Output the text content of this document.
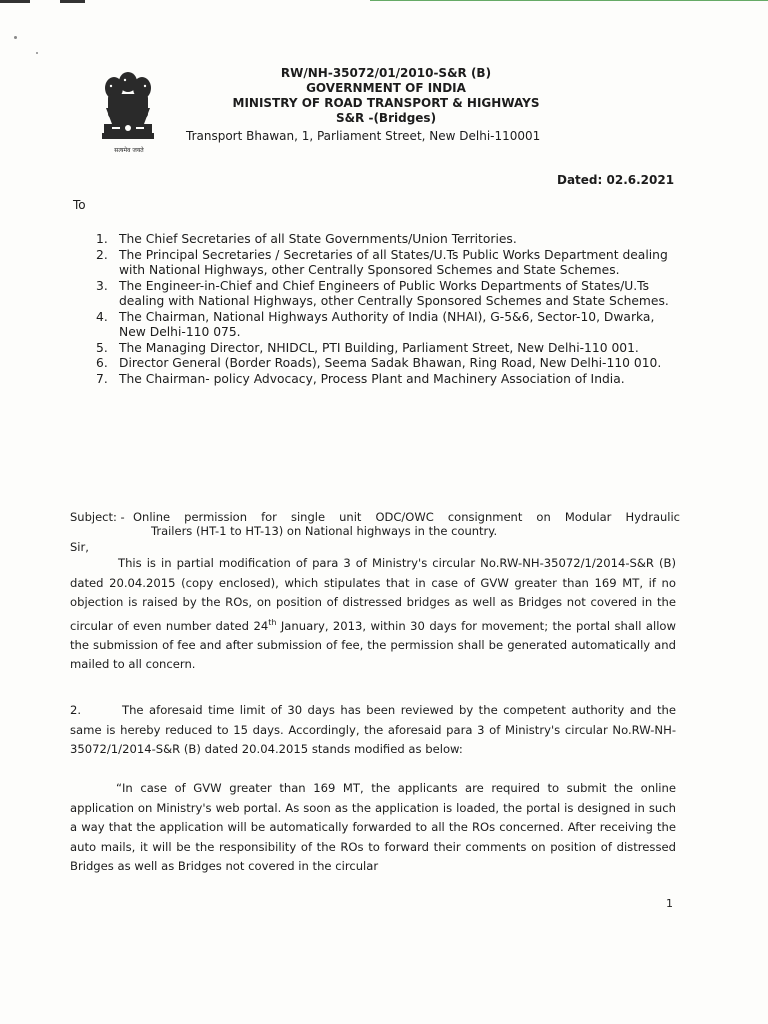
सत्यमेव जयते
RW/NH-35072/01/2010-S&R (B)
GOVERNMENT OF INDIA
MINISTRY OF ROAD TRANSPORT & HIGHWAYS
S&R -(Bridges)
Transport Bhawan, 1, Parliament Street, New Delhi-110001
Dated: 02.6.2021
To
1. The Chief Secretaries of all State Governments/Union Territories.
2. The Principal Secretaries / Secretaries of all States/U.Ts Public Works Department dealing with National Highways, other Centrally Sponsored Schemes and State Schemes.
3. The Engineer-in-Chief and Chief Engineers of Public Works Departments of States/U.Ts dealing with National Highways, other Centrally Sponsored Schemes and State Schemes.
4. The Chairman, National Highways Authority of India (NHAI), G-5&6, Sector-10, Dwarka, New Delhi-110 075.
5. The Managing Director, NHIDCL, PTI Building, Parliament Street, New Delhi-110 001.
6. Director General (Border Roads), Seema Sadak Bhawan, Ring Road, New Delhi-110 010.
7. The Chairman- policy Advocacy, Process Plant and Machinery Association of India.
Subject: - Online permission for single unit ODC/OWC consignment on Modular Hydraulic
Trailers (HT-1 to HT-13) on National highways in the country.
Sir,

This is in partial modification of para 3 of Ministry's circular No.RW-NH-35072/1/2014-S&R (B) dated 20.04.2015 (copy enclosed), which stipulates that in case of GVW greater than 169 MT, if no objection is raised by the ROs, on position of distressed bridges as well as Bridges not covered in the circular of even number dated 24th January, 2013, within 30 days for movement; the portal shall allow the submission of fee and after submission of fee, the permission shall be generated automatically and mailed to all concern.

2.	The aforesaid time limit of 30 days has been reviewed by the competent authority and the same is hereby reduced to 15 days. Accordingly, the aforesaid para 3 of Ministry's circular No.RW-NH-35072/1/2014-S&R (B) dated 20.04.2015 stands modified as below:

“In case of GVW greater than 169 MT, the applicants are required to submit the online application on Ministry's web portal. As soon as the application is loaded, the portal is designed in such a way that the application will be automatically forwarded to all the ROs concerned. After receiving the auto mails, it will be the responsibility of the ROs to forward their comments on position of distressed Bridges as well as Bridges not covered in the circular

1
